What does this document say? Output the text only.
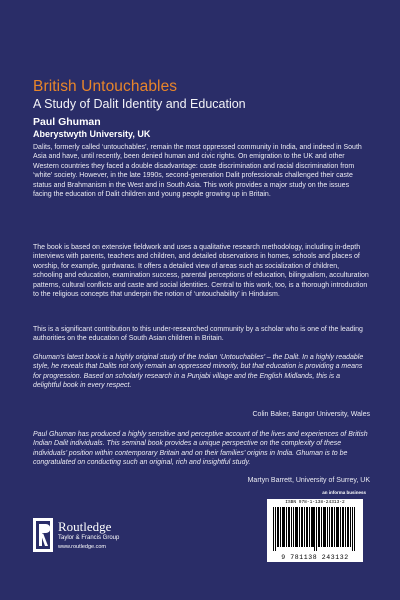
British Untouchables
A Study of Dalit Identity and Education
Paul Ghuman
Aberystwyth University, UK

Dalits, formerly called ‘untouchables’, remain the most oppressed community in India, and indeed in South Asia and have, until recently, been denied human and civic rights. On emigration to the UK and other Western countries they faced a double disadvantage: caste discrimination and racial discrimination from ‘white’ society. However, in the late 1990s, second-generation Dalit professionals challenged their caste status and Brahmanism in the West and in South Asia. This work provides a major study on the issues facing the education of Dalit children and young people growing up in Britain.

The book is based on extensive fieldwork and uses a qualitative research methodology, including in-depth interviews with parents, teachers and children, and detailed observations in homes, schools and places of worship, for example, gurdwaras. It offers a detailed view of areas such as socialization of children, schooling and education, examination success, parental perceptions of education, bilingualism, acculturation patterns, cultural conflicts and caste and social identities. Central to this work, too, is a thorough introduction to the religious concepts that underpin the notion of ‘untouchability’ in Hinduism.

This is a significant contribution to this under-researched community by a scholar who is one of the leading authorities on the education of South Asian children in Britain.

Ghuman’s latest book is a highly original study of the Indian ‘Untouchables’ – the Dalit. In a highly readable style, he reveals that Dalits not only remain an oppressed minority, but that education is providing a means for progression. Based on scholarly research in a Punjabi village and the English Midlands, this is a delightful book in every respect.

Colin Baker, Bangor University, Wales

Paul Ghuman has produced a highly sensitive and perceptive account of the lives and experiences of British Indian Dalit individuals. This seminal book provides a unique perspective on the complexity of these individuals’ position within contemporary Britain and on their families’ origins in India. Ghuman is to be congratulated on conducting such an original, rich and insightful study.

Martyn Barrett, University of Surrey, UK
an informa business
ISBN 978-1-138-24313-2
9 781138 243132
Routledge
Taylor & Francis Group
www.routledge.com
